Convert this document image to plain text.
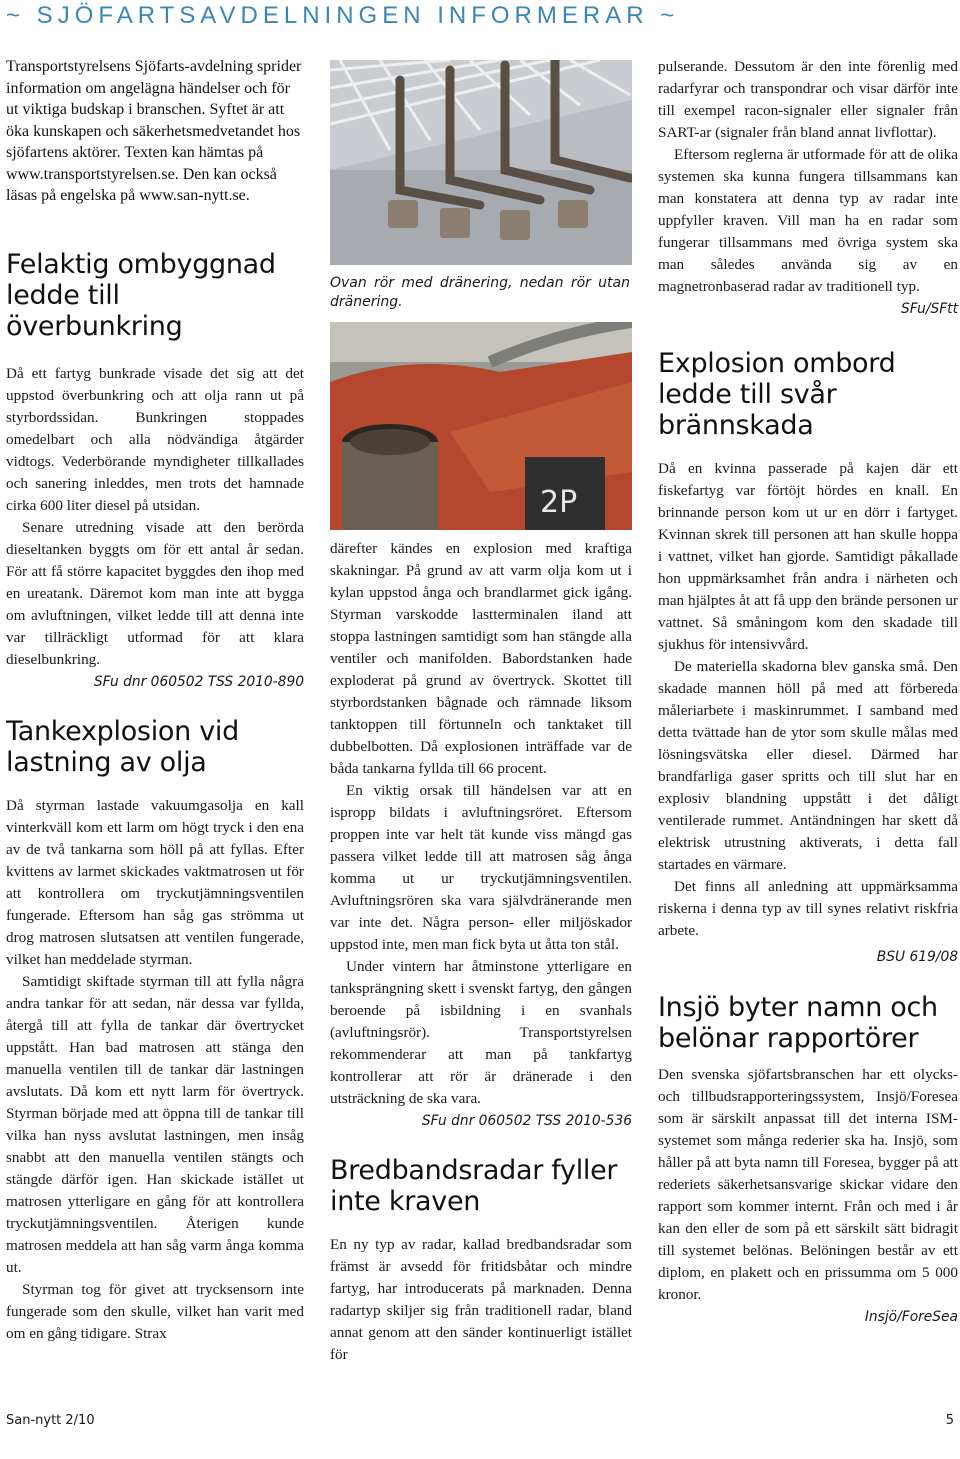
~ SJÖFARTSAVDELNINGEN INFORMERAR ~

Transportstyrelsens Sjöfarts-avdelning sprider information om angelägna händelser och för ut viktiga budskap i branschen. Syftet är att öka kunskapen och säkerhetsmedvetandet hos sjöfartens aktörer. Texten kan hämtas på www.transportstyrelsen.se. Den kan också läsas på engelska på www.san-nytt.se.

Felaktig ombyggnad ledde till överbunkring

Då ett fartyg bunkrade visade det sig att det uppstod överbunkring och att olja rann ut på styrbordssidan. Bunkringen stoppades omedelbart och alla nödvändiga åtgärder vidtogs. Vederbörande myndigheter tillkallades och sanering inleddes, men trots det hamnade cirka 600 liter diesel på utsidan.

Senare utredning visade att den berörda dieseltanken byggts om för ett antal år sedan. För att få större kapacitet byggdes den ihop med en ureatank. Däremot kom man inte att bygga om avluftningen, vilket ledde till att denna inte var tillräckligt utformad för att klara dieselbunkring.

SFu dnr 060502 TSS 2010-890

Tankexplosion vid lastning av olja

Då styrman lastade vakuumgasolja en kall vinterkväll kom ett larm om högt tryck i den ena av de två tankarna som höll på att fyllas. Efter kvittens av larmet skickades vaktmatrosen ut för att kontrollera om tryckutjämningsventilen fungerade. Eftersom han såg gas strömma ut drog matrosen slutsatsen att ventilen fungerade, vilket han meddelade styrman.

Samtidigt skiftade styrman till att fylla några andra tankar för att sedan, när dessa var fyllda, återgå till att fylla de tankar där övertrycket uppstått. Han bad matrosen att stänga den manuella ventilen till de tankar där lastningen avslutats. Då kom ett nytt larm för övertryck. Styrman började med att öppna till de tankar till vilka han nyss avslutat lastningen, men insåg snabbt att den manuella ventilen stängts och stängde därför igen. Han skickade istället ut matrosen ytterligare en gång för att kontrollera tryckutjämningsventilen. Återigen kunde matrosen meddela att han såg varm ånga komma ut.

Styrman tog för givet att trycksensorn inte fungerade som den skulle, vilket han varit med om en gång tidigare. Strax

Ovan rör med dränering, nedan rör utan dränering.

2P

därefter kändes en explosion med kraftiga skakningar. På grund av att varm olja kom ut i kylan uppstod ånga och brandlarmet gick igång. Styrman varskodde lastterminalen iland att stoppa lastningen samtidigt som han stängde alla ventiler och manifolden. Babordstanken hade exploderat på grund av övertryck. Skottet till styrbordstanken bågnade och rämnade liksom tanktoppen till förtunneln och tanktaket till dubbelbotten. Då explosionen inträffade var de båda tankarna fyllda till 66 procent.

En viktig orsak till händelsen var att en ispropp bildats i avluftningsröret. Eftersom proppen inte var helt tät kunde viss mängd gas passera vilket ledde till att matrosen såg ånga komma ut ur tryckutjämningsventilen. Avluftningsrören ska vara självdränerande men var inte det. Några person- eller miljöskador uppstod inte, men man fick byta ut åtta ton stål.

Under vintern har åtminstone ytterligare en tanksprängning skett i svenskt fartyg, den gången beroende på isbildning i en svanhals (avluftningsrör). Transportstyrelsen rekommenderar att man på tankfartyg kontrollerar att rör är dränerade i den utsträckning de ska vara.

SFu dnr 060502 TSS 2010-536

Bredbandsradar fyller inte kraven

En ny typ av radar, kallad bredbandsradar som främst är avsedd för fritidsbåtar och mindre fartyg, har introducerats på marknaden. Denna radartyp skiljer sig från traditionell radar, bland annat genom att den sänder kontinuerligt istället för

pulserande. Dessutom är den inte förenlig med radarfyrar och transpondrar och visar därför inte till exempel racon-signaler eller signaler från SART-ar (signaler från bland annat livflottar).

Eftersom reglerna är utformade för att de olika systemen ska kunna fungera tillsammans kan man konstatera att denna typ av radar inte uppfyller kraven. Vill man ha en radar som fungerar tillsammans med övriga system ska man således använda sig av en magnetronbaserad radar av traditionell typ.

SFu/SFtt

Explosion ombord ledde till svår brännskada

Då en kvinna passerade på kajen där ett fiskefartyg var förtöjt hördes en knall. En brinnande person kom ut ur en dörr i fartyget. Kvinnan skrek till personen att han skulle hoppa i vattnet, vilket han gjorde. Samtidigt påkallade hon uppmärksamhet från andra i närheten och man hjälptes åt att få upp den brände personen ur vattnet. Så småningom kom den skadade till sjukhus för intensivvård.

De materiella skadorna blev ganska små. Den skadade mannen höll på med att förbereda måleriarbete i maskinrummet. I samband med detta tvättade han de ytor som skulle målas med lösningsvätska eller diesel. Därmed har brandfarliga gaser spritts och till slut har en explosiv blandning uppstått i det dåligt ventilerade rummet. Antändningen har skett då elektrisk utrustning aktiverats, i detta fall startades en värmare.

Det finns all anledning att uppmärksamma riskerna i denna typ av till synes relativt riskfria arbete.

BSU 619/08

Insjö byter namn och belönar rapportörer

Den svenska sjöfartsbranschen har ett olycks- och tillbudsrapporteringssystem, Insjö/Foresea som är särskilt anpassat till det interna ISM-systemet som många rederier ska ha. Insjö, som håller på att byta namn till Foresea, bygger på att rederiets säkerhetsansvarige skickar vidare den rapport som kommer internt. Från och med i år kan den eller de som på ett särskilt sätt bidragit till systemet belönas. Belöningen består av ett diplom, en plakett och en prissumma om 5 000 kronor.

Insjö/ForeSea

San-nytt 2/10	5
